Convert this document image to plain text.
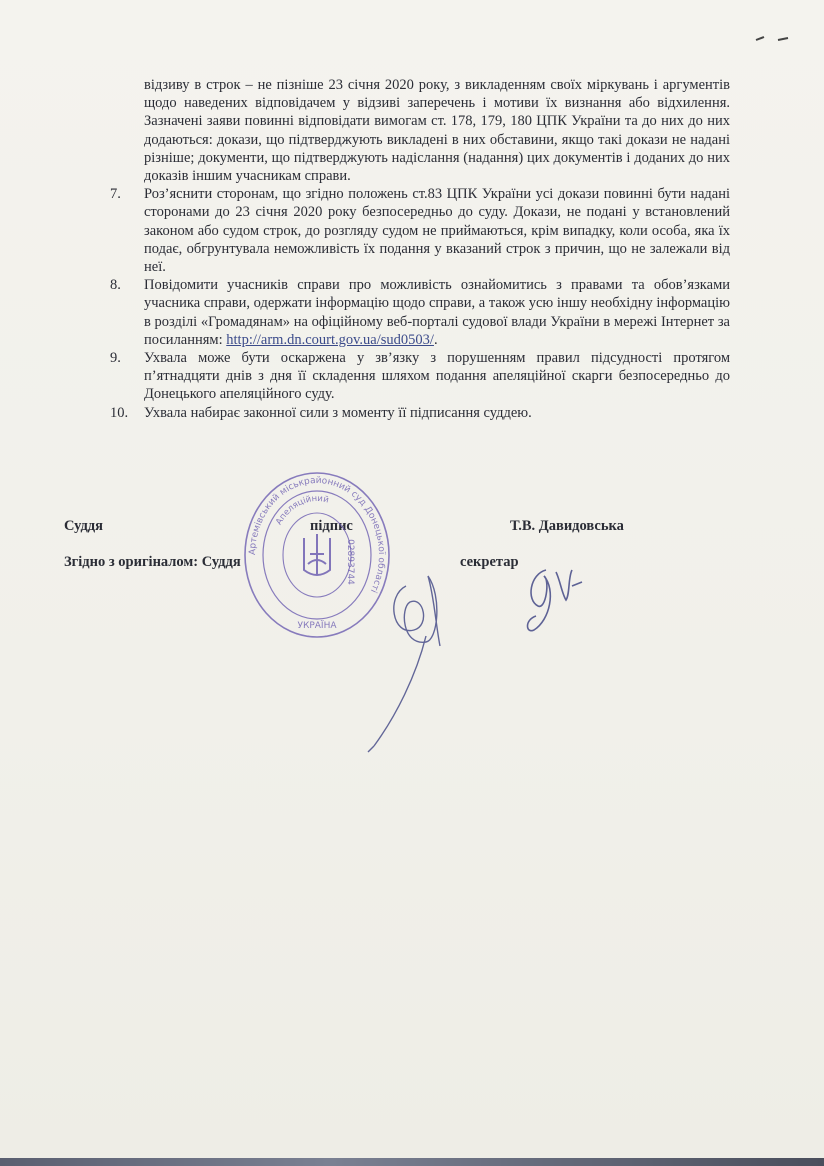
відзиву в строк – не пізніше 23 січня 2020 року, з викладенням своїх міркувань і аргументів щодо наведених відповідачем у відзиві заперечень і мотиви їх визнання або відхилення. Зазначені заяви повинні відповідати вимогам ст. 178, 179, 180 ЦПК України та до них до них додаються: докази, що підтверджують викладені в них обставини, якщо такі докази не надані різніше; документи, що підтверджують надіслання (надання) цих документів і доданих до них доказів іншим учасникам справи.

7.	Роз’яснити сторонам, що згідно положень ст.83 ЦПК України усі докази повинні бути надані сторонами до 23 січня 2020 року безпосередньо до суду. Докази, не подані у встановлений законом або судом строк, до розгляду судом не приймаються, крім випадку, коли особа, яка їх подає, обгрунтувала неможливість їх подання у вказаний строк з причин, що не залежали від неї.
8.	Повідомити учасників справи про можливість ознайомитись з правами та обов’язками учасника справи, одержати інформацію щодо справи, а також усю іншу необхідну інформацію в розділі «Громадянам» на офіційному веб-порталі судової влади України в мережі Інтернет за посиланням: http://arm.dn.court.gov.ua/sud0503/.
9.	Ухвала може бути оскаржена у зв’язку з порушенням правил підсудності протягом п’ятнадцяти днів з дня її складення шляхом подання апеляційної скарги безпосередньо до Донецького апеляційного суду.
10.	Ухвала набирає законної сили з моменту її підписання суддею.
Суддя	підпис	Т.В. Давидовська
Згідно з оригіналом: Суддя	секретар
Артемівський міськрайонний суд Донецької області
Апеляційний
02893744
УКРАЇНА
